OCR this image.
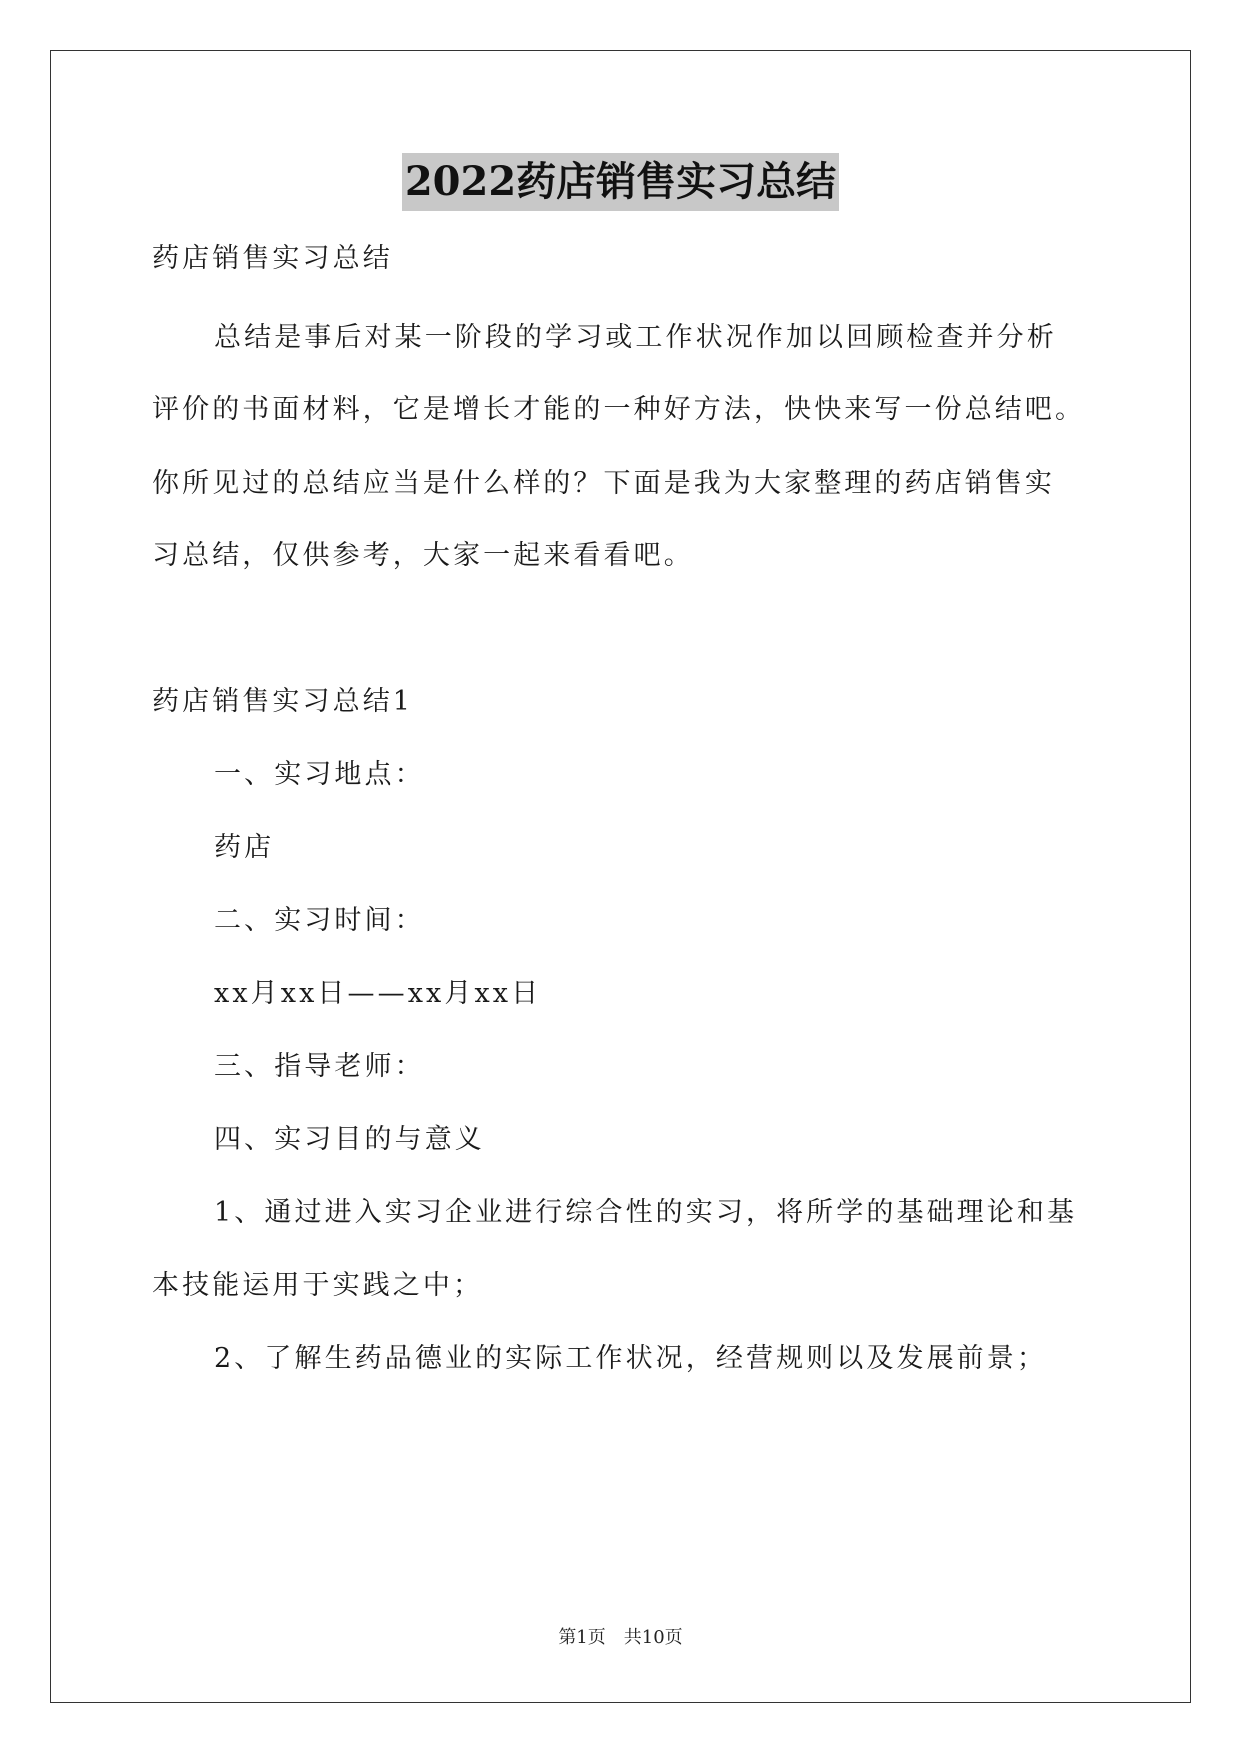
2022药店销售实习总结
药店销售实习总结
总结是事后对某一阶段的学习或工作状况作加以回顾检查并分析
评价的书面材料，它是增长才能的一种好方法，快快来写一份总结吧。
你所见过的总结应当是什么样的？下面是我为大家整理的药店销售实
习总结，仅供参考，大家一起来看看吧。
药店销售实习总结1
一、实习地点：
药店
二、实习时间：
xx月xx日——xx月xx日
三、指导老师：
四、实习目的与意义
1、通过进入实习企业进行综合性的实习，将所学的基础理论和基
本技能运用于实践之中；
2、了解生药品德业的实际工作状况，经营规则以及发展前景；
第1页　共10页
